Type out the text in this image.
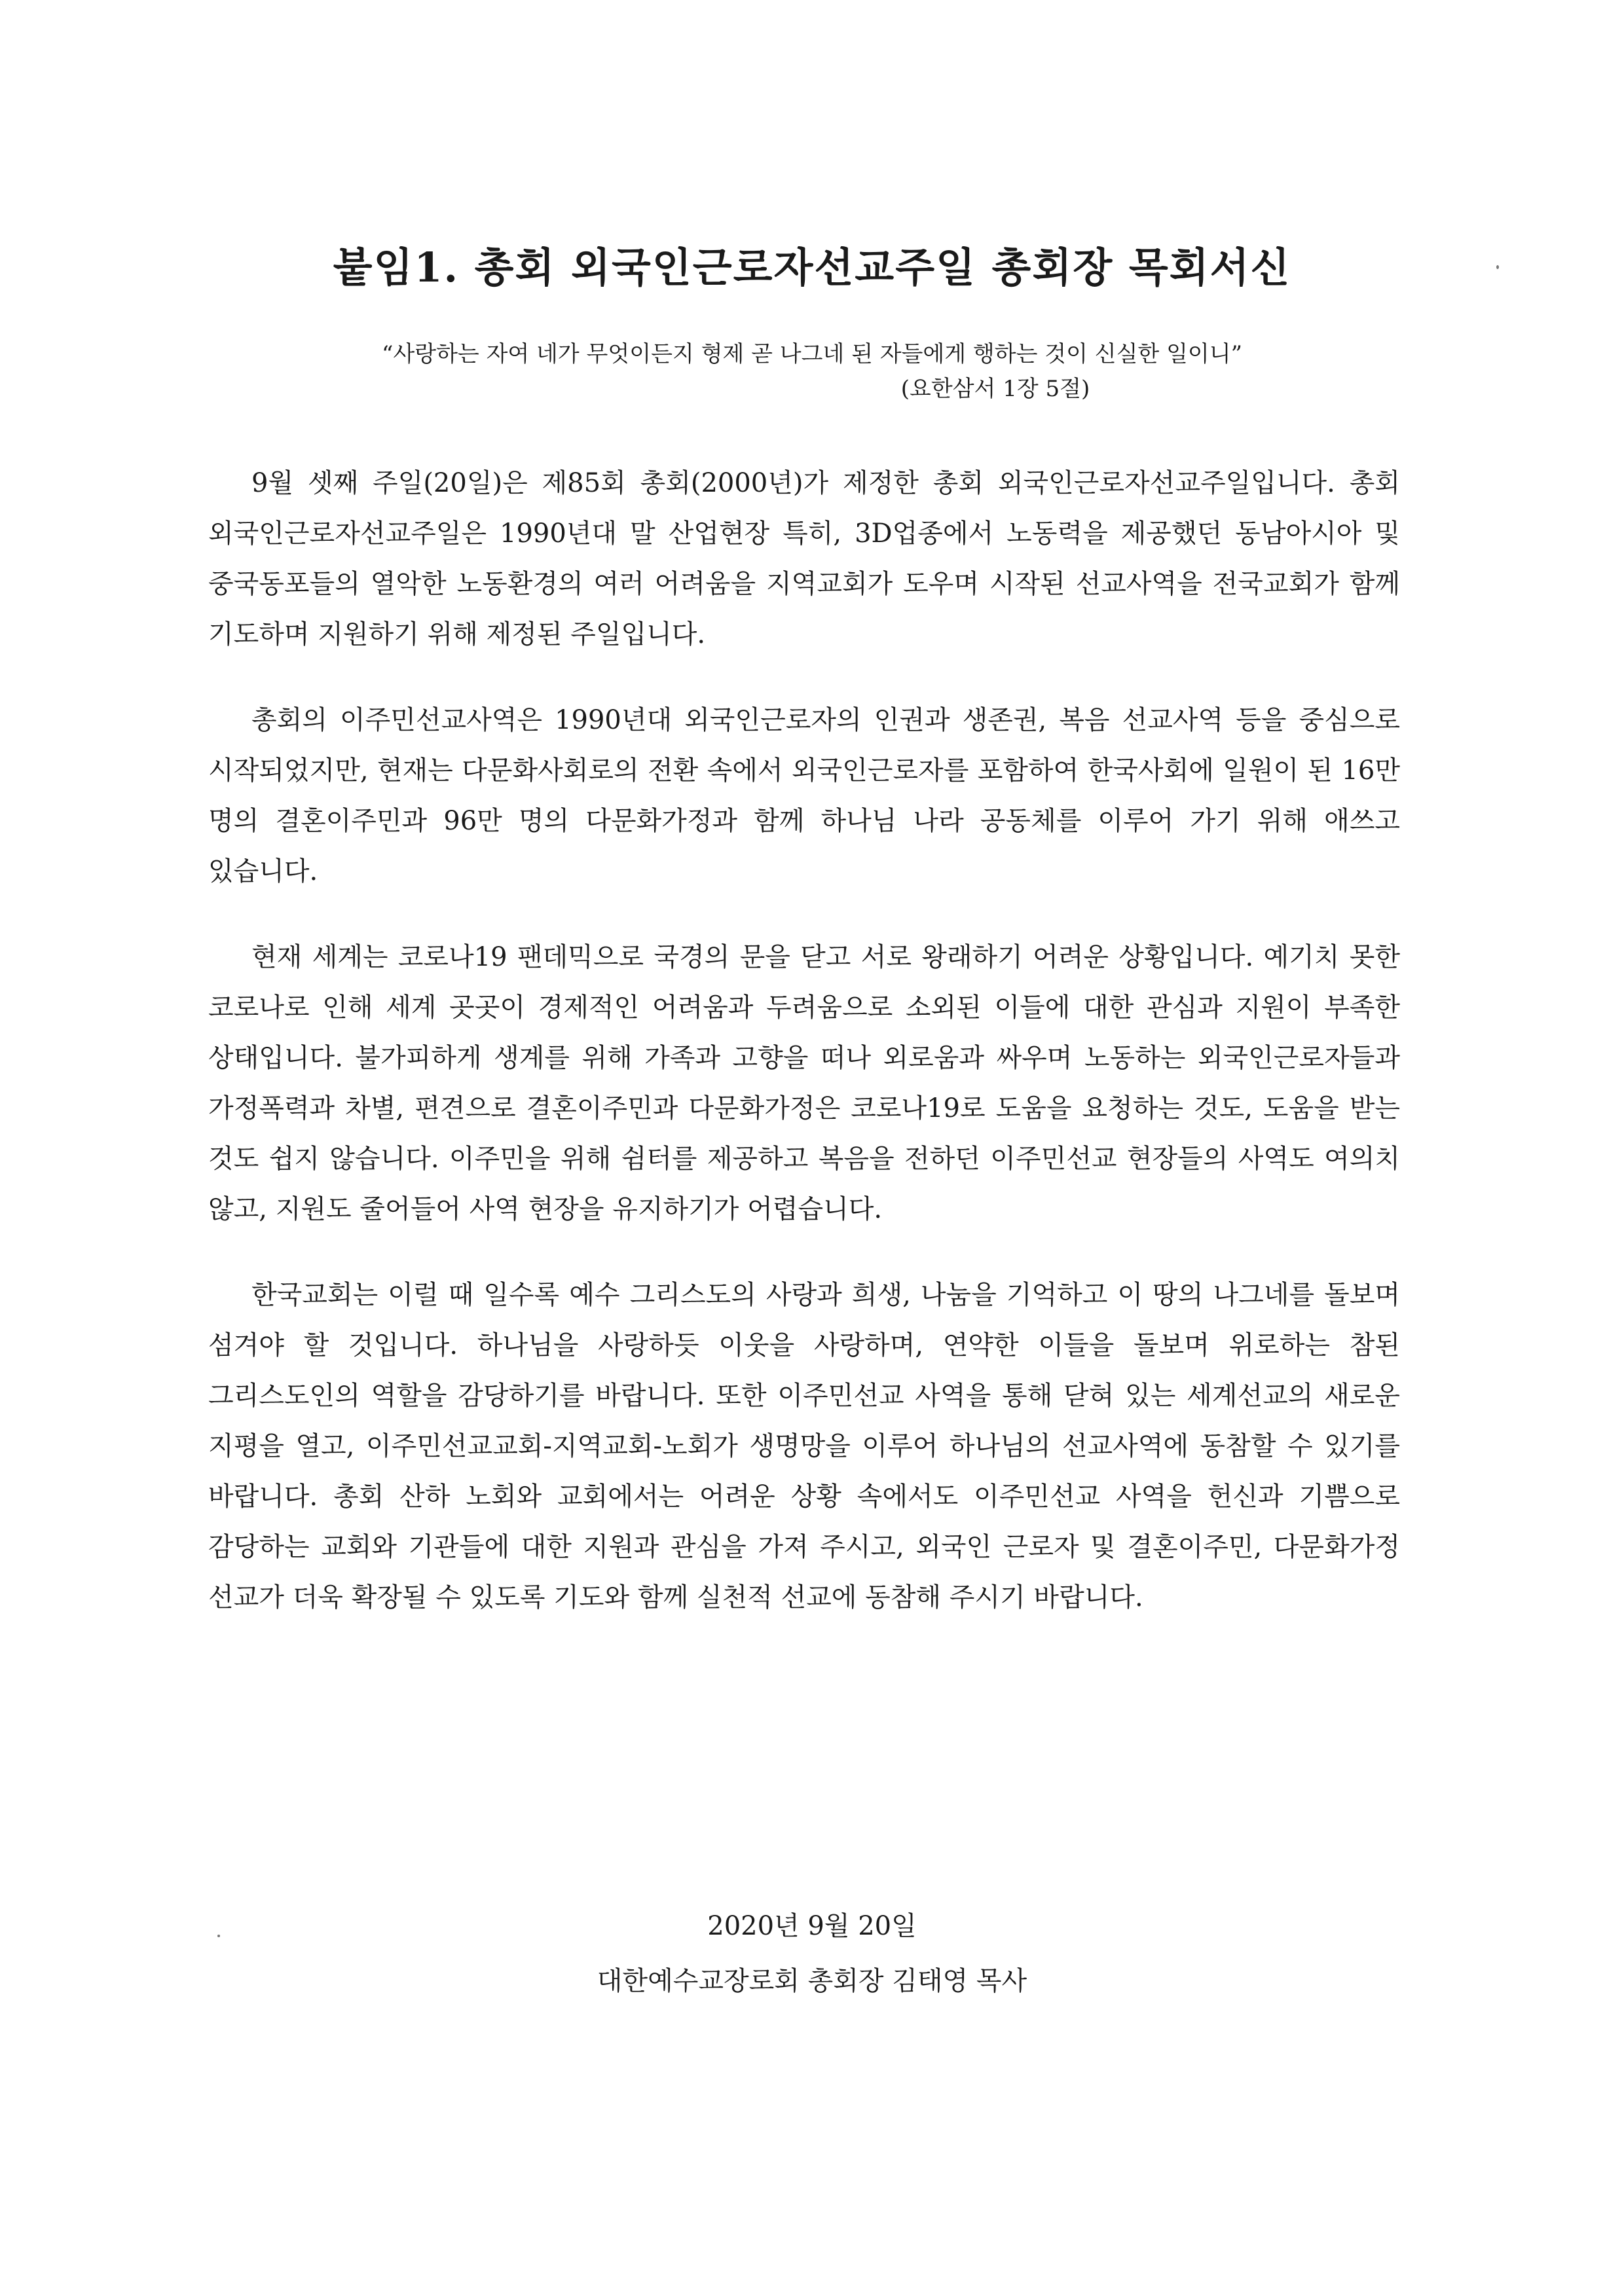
붙임1. 총회 외국인근로자선교주일 총회장 목회서신
“사랑하는 자여 네가 무엇이든지 형제 곧 나그네 된 자들에게 행하는 것이 신실한 일이니”
(요한삼서 1장 5절)

9월 셋째 주일(20일)은 제85회 총회(2000년)가 제정한 총회 외국인근로자선교주일입니다. 총회 외국인근로자선교주일은 1990년대 말 산업현장 특히, 3D업종에서 노동력을 제공했던 동남아시아 및 중국동포들의 열악한 노동환경의 여러 어려움을 지역교회가 도우며 시작된 선교사역을 전국교회가 함께 기도하며 지원하기 위해 제정된 주일입니다.

총회의 이주민선교사역은 1990년대 외국인근로자의 인권과 생존권, 복음 선교사역 등을 중심으로 시작되었지만, 현재는 다문화사회로의 전환 속에서 외국인근로자를 포함하여 한국사회에 일원이 된 16만 명의 결혼이주민과 96만 명의 다문화가정과 함께 하나님 나라 공동체를 이루어 가기 위해 애쓰고 있습니다.

현재 세계는 코로나19 팬데믹으로 국경의 문을 닫고 서로 왕래하기 어려운 상황입니다. 예기치 못한 코로나로 인해 세계 곳곳이 경제적인 어려움과 두려움으로 소외된 이들에 대한 관심과 지원이 부족한 상태입니다. 불가피하게 생계를 위해 가족과 고향을 떠나 외로움과 싸우며 노동하는 외국인근로자들과 가정폭력과 차별, 편견으로 결혼이주민과 다문화가정은 코로나19로 도움을 요청하는 것도, 도움을 받는 것도 쉽지 않습니다. 이주민을 위해 쉼터를 제공하고 복음을 전하던 이주민선교 현장들의 사역도 여의치 않고, 지원도 줄어들어 사역 현장을 유지하기가 어렵습니다.

한국교회는 이럴 때 일수록 예수 그리스도의 사랑과 희생, 나눔을 기억하고 이 땅의 나그네를 돌보며 섬겨야 할 것입니다. 하나님을 사랑하듯 이웃을 사랑하며, 연약한 이들을 돌보며 위로하는 참된 그리스도인의 역할을 감당하기를 바랍니다. 또한 이주민선교 사역을 통해 닫혀 있는 세계선교의 새로운 지평을 열고, 이주민선교교회-지역교회-노회가 생명망을 이루어 하나님의 선교사역에 동참할 수 있기를 바랍니다. 총회 산하 노회와 교회에서는 어려운 상황 속에서도 이주민선교 사역을 헌신과 기쁨으로 감당하는 교회와 기관들에 대한 지원과 관심을 가져 주시고, 외국인 근로자 및 결혼이주민, 다문화가정 선교가 더욱 확장될 수 있도록 기도와 함께 실천적 선교에 동참해 주시기 바랍니다.

2020년 9월 20일
대한예수교장로회 총회장 김태영 목사
